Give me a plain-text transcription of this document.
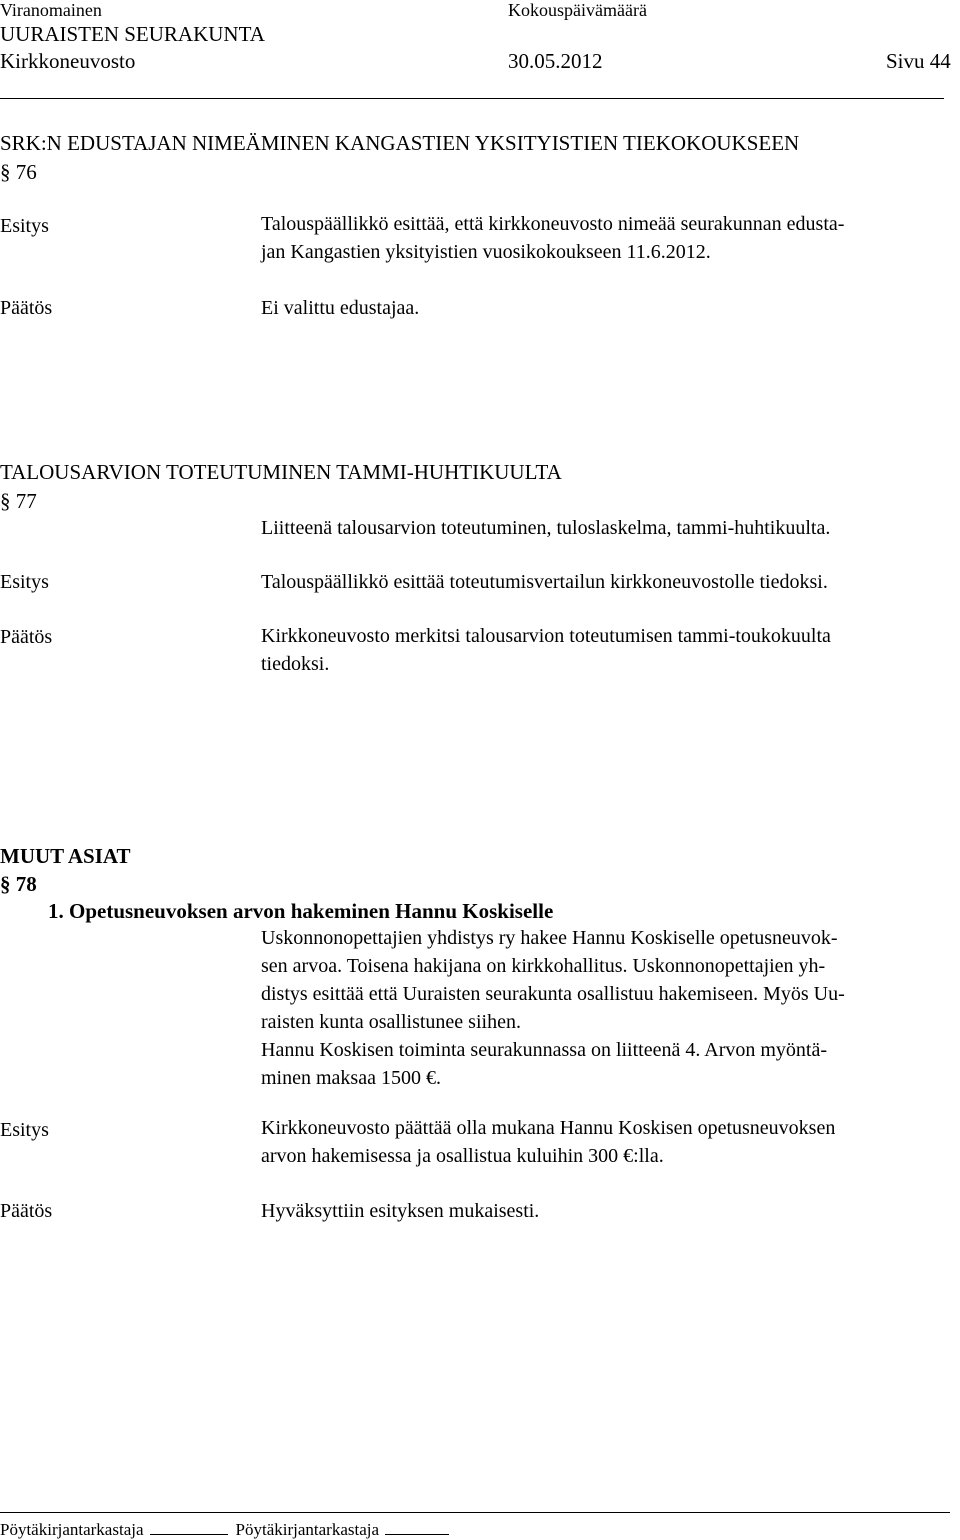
Viranomainen	Kokouspäivämäärä
UURAISTEN SEURAKUNTA
Kirkkoneuvosto	30.05.2012	Sivu 44
SRK:N EDUSTAJAN NIMEÄMINEN KANGASTIEN YKSITYISTIEN TIEKOKOUKSEEN
§ 76
Esitys	Talouspäällikkö esittää, että kirkkoneuvosto nimeää seurakunnan edusta-
jan Kangastien yksityistien vuosikokoukseen 11.6.2012.
Päätös	Ei valittu edustajaa.
TALOUSARVION TOTEUTUMINEN TAMMI-HUHTIKUULTA
§ 77
Liitteenä talousarvion toteutuminen, tuloslaskelma, tammi-huhtikuulta.
Esitys	Talouspäällikkö esittää toteutumisvertailun kirkkoneuvostolle tiedoksi.
Päätös	Kirkkoneuvosto merkitsi talousarvion toteutumisen tammi-toukokuulta
tiedoksi.
MUUT ASIAT
§ 78
1. Opetusneuvoksen arvon hakeminen Hannu Koskiselle
Uskonnonopettajien yhdistys ry hakee Hannu Koskiselle opetusneuvok-
sen arvoa. Toisena hakijana on kirkkohallitus. Uskonnonopettajien yh-
distys esittää että Uuraisten seurakunta osallistuu hakemiseen. Myös Uu-
raisten kunta osallistunee siihen.
Hannu Koskisen toiminta seurakunnassa on liitteenä 4. Arvon myöntä-
minen maksaa 1500 €.
Esitys	Kirkkoneuvosto päättää olla mukana Hannu Koskisen opetusneuvoksen
arvon hakemisessa ja osallistua kuluihin 300 €:lla.
Päätös	Hyväksyttiin esityksen mukaisesti.
Pöytäkirjantarkastaja	Pöytäkirjantarkastaja
